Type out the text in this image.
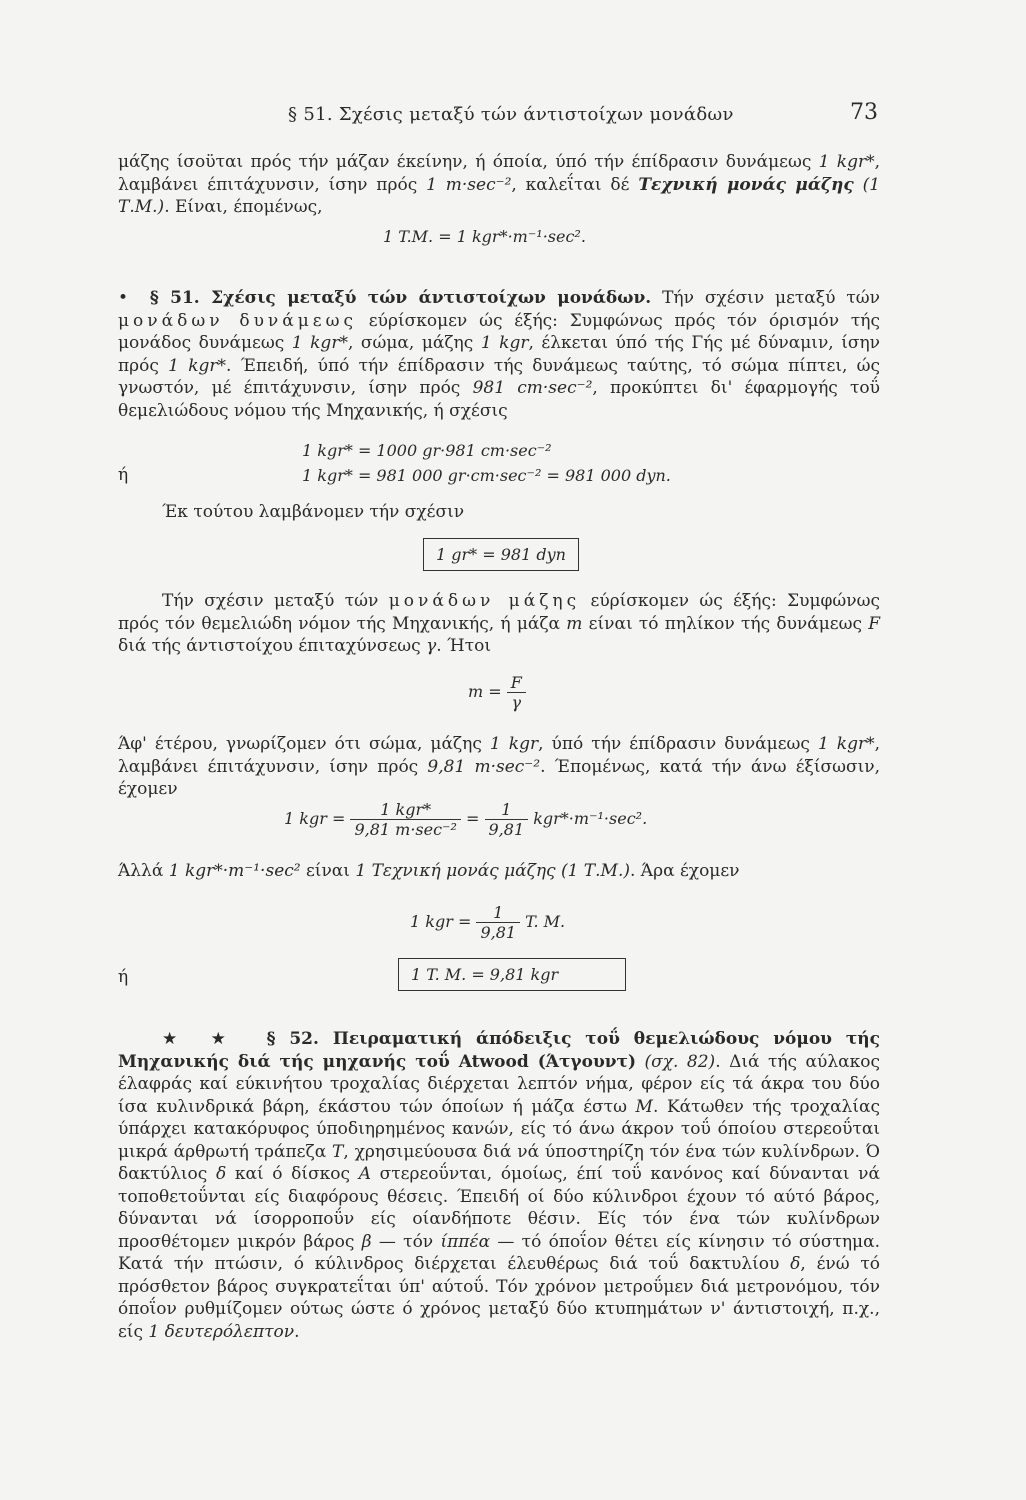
§ 51. Σχέσις μεταξύ τών άντιστοίχων μονάδων	73

μάζης ίσοϋται πρός τήν μάζαν έκείνην, ή όποία, ύπό τήν έπίδρασιν δυνάμεως 1 kgr*, λαμβάνει έπιτάχυνσιν, ίσην πρός 1 m·sec⁻², καλεΐται δέ Τεχνική μονάς μάζης (1 Τ.Μ.). Είναι, έπομένως,

1 T.M. = 1 kgr*·m⁻¹·sec².

• § 51. Σχέσις μεταξύ τών άντιστοίχων μονάδων. Τήν σχέσιν μεταξύ τών μονάδων δυνάμεως εύρίσκομεν ώς έξής: Συμφώνως πρός τόν όρισμόν τής μονάδος δυνάμεως 1 kgr*, σώμα, μάζης 1 kgr, έλκεται ύπό τής Γής μέ δύναμιν, ίσην πρός 1 kgr*. Έπειδή, ύπό τήν έπίδρασιν τής δυνάμεως ταύτης, τό σώμα πίπτει, ώς γνωστόν, μέ έπιτάχυνσιν, ίσην πρός 981 cm·sec⁻², προκύπτει δι' έφαρμογής τοΰ θεμελιώδους νόμου τής Μηχανικής, ή σχέσις

1 kgr* = 1000 gr·981 cm·sec⁻²
ή	1 kgr* = 981 000 gr·cm·sec⁻² = 981 000 dyn.

Έκ τούτου λαμβάνομεν τήν σχέσιν

1 gr* = 981 dyn

Τήν σχέσιν μεταξύ τών μονάδων μάζης εύρίσκομεν ώς έξής: Συμφώνως πρός τόν θεμελιώδη νόμον τής Μηχανικής, ή μάζα m είναι τό πηλίκον τής δυνάμεως F διά τής άντιστοίχου έπιταχύνσεως γ. Ήτοι

$m = \frac{F}{\gamma}$

Άφ' έτέρου, γνωρίζομεν ότι σώμα, μάζης 1 kgr, ύπό τήν έπίδρασιν δυνάμεως 1 kgr*, λαμβάνει έπιτάχυνσιν, ίσην πρός 9,81 m·sec⁻². Έπομένως, κατά τήν άνω έξίσωσιν, έχομεν

1 kgr = $\frac{\text{1 kgr*}}{\text{9,81 m·sec⁻²}} = \frac{1}{9,81} kgr*\cdot m^{-1}\cdot\sec^2$.

Άλλά 1 kgr*·m⁻¹·sec² είναι 1 Τεχνική μονάς μάζης (1 Τ.Μ.). Άρα έχομεν

1 kgr = $\frac{1}{9,81} T$. M.
ή	1 T. M. = 9,81 kgr

★ ★ § 52. Πειραματική άπόδειξις τοΰ θεμελιώδους νόμου τής Μηχανικής διά τής μηχανής τοΰ Atwood (Άτγουντ) (σχ. 82). Διά τής αύλακος έλαφράς καί εύκινήτου τροχαλίας διέρχεται λεπτόν νήμα, φέρον είς τά άκρα του δύο ίσα κυλινδρικά βάρη, έκάστου τών όποίων ή μάζα έστω Μ. Κάτωθεν τής τροχαλίας ύπάρχει κατακόρυφος ύποδιηρημένος κανών, είς τό άνω άκρον τοΰ όποίου στερεοΰται μικρά άρθρωτή τράπεζα Τ, χρησιμεύουσα διά νά ύποστηρίζη τόν ένα τών κυλίνδρων. Ό δακτύλιος δ καί ό δίσκος Α στερεοΰνται, όμοίως, έπί τοΰ κανόνος καί δύνανται νά τοποθετοΰνται είς διαφόρους θέσεις. Έπειδή οί δύο κύλινδροι έχουν τό αύτό βάρος, δύνανται νά ίσορροποΰν είς οίανδήποτε θέσιν. Είς τόν ένα τών κυλίνδρων προσθέτομεν μικρόν βάρος β — τόν ίππέα — τό όποΐον θέτει είς κίνησιν τό σύστημα. Κατά τήν πτώσιν, ό κύλινδρος διέρχεται έλευθέρως διά τοΰ δακτυλίου δ, ένώ τό πρόσθετον βάρος συγκρατεΐται ύπ' αύτοΰ. Τόν χρόνον μετροΰμεν διά μετρονόμου, τόν όποΐον ρυθμίζομεν ούτως ώστε ό χρόνος μεταξύ δύο κτυπημάτων ν' άντιστοιχή, π.χ., είς 1 δευτερόλεπτον.
